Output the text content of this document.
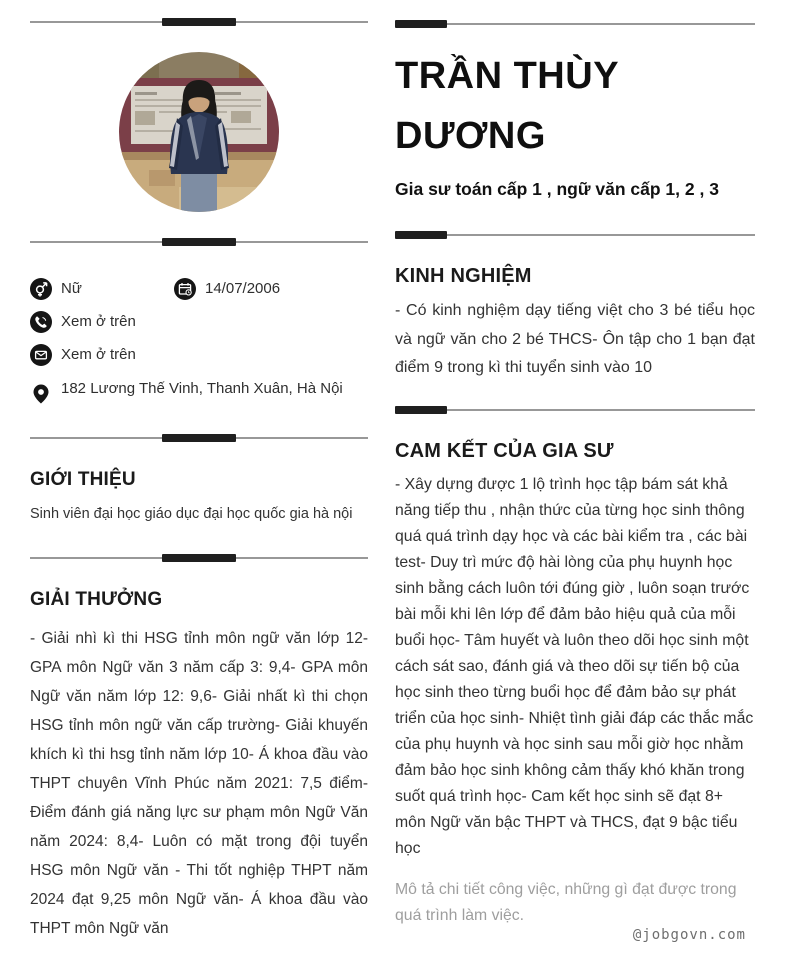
Nữ	14/07/2006
Xem ở trên
Xem ở trên
182 Lương Thế Vinh, Thanh Xuân, Hà Nội
GIỚI THIỆU

Sinh viên đại học giáo dục đại học quốc gia hà nội

GIẢI THƯỞNG

- Giải nhì kì thi HSG tỉnh môn ngữ văn lớp 12- GPA môn Ngữ văn 3 năm cấp 3: 9,4- GPA môn Ngữ văn năm lớp 12: 9,6- Giải nhất kì thi chọn HSG tỉnh môn ngữ văn cấp trường- Giải khuyến khích kì thi hsg tỉnh năm lớp 10- Á khoa đầu vào THPT chuyên Vĩnh Phúc năm 2021: 7,5 điểm- Điểm đánh giá năng lực sư phạm môn Ngữ Văn năm 2024: 8,4- Luôn có mặt trong đội tuyển HSG môn Ngữ văn - Thi tốt nghiệp THPT năm 2024 đạt 9,25 môn Ngữ văn- Á khoa đầu vào THPT môn Ngữ văn

TRẦN THÙY DƯƠNG
Gia sư toán cấp 1 , ngữ văn cấp 1, 2 , 3
KINH NGHIỆM

- Có kinh nghiệm dạy tiếng việt cho 3 bé tiểu học và ngữ văn cho 2 bé THCS- Ôn tập cho 1 bạn đạt điểm 9 trong kì thi tuyển sinh vào 10

CAM KẾT CỦA GIA SƯ

- Xây dựng được 1 lộ trình học tập bám sát khả năng tiếp thu , nhận thức của từng học sinh thông quá quá trình dạy học và các bài kiểm tra , các bài test- Duy trì mức độ hài lòng của phụ huynh học sinh bằng cách luôn tới đúng giờ , luôn soạn trước bài mỗi khi lên lớp để đảm bảo hiệu quả của mỗi buổi học- Tâm huyết và luôn theo dõi học sinh một cách sát sao, đánh giá và theo dõi sự tiến bộ của học sinh theo từng buổi học để đảm bảo sự phát triển của học sinh- Nhiệt tình giải đáp các thắc mắc của phụ huynh và học sinh sau mỗi giờ học nhằm đảm bảo học sinh không cảm thấy khó khăn trong suốt quá trình học- Cam kết học sinh sẽ đạt 8+ môn Ngữ văn bậc THPT và THCS, đạt 9 bậc tiểu học

Mô tả chi tiết công việc, những gì đạt được trong quá trình làm việc.

@jobgovn.com
